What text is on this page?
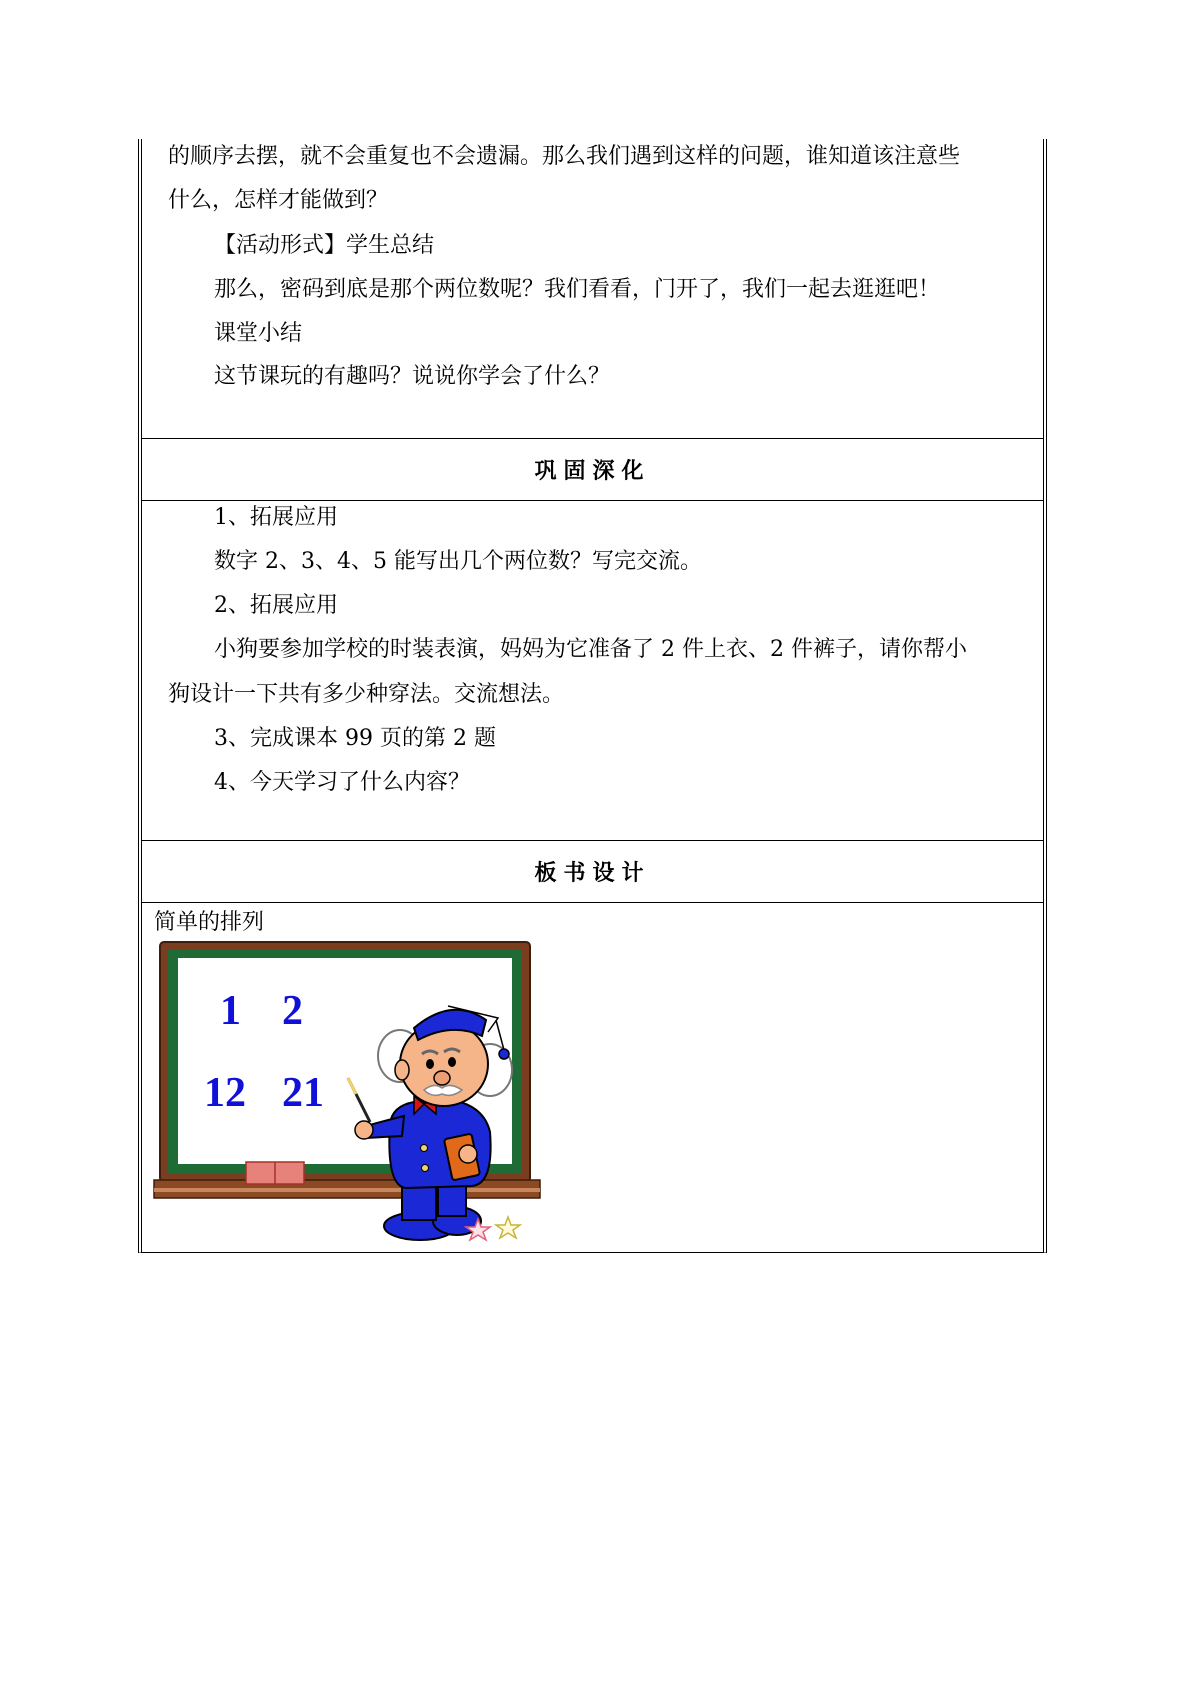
的顺序去摆，就不会重复也不会遗漏。那么我们遇到这样的问题，谁知道该注意些
什么，怎样才能做到？
【活动形式】学生总结
那么，密码到底是那个两位数呢？我们看看，门开了，我们一起去逛逛吧！
课堂小结
这节课玩的有趣吗？说说你学会了什么？
巩固深化
1、拓展应用
数字 2、3、4、5 能写出几个两位数？写完交流。
2、拓展应用
小狗要参加学校的时装表演，妈妈为它准备了 2 件上衣、2 件裤子，请你帮小
狗设计一下共有多少种穿法。交流想法。
3、完成课本 99 页的第 2 题
4、今天学习了什么内容？
板书设计
简单的排列
1 2
12 21
